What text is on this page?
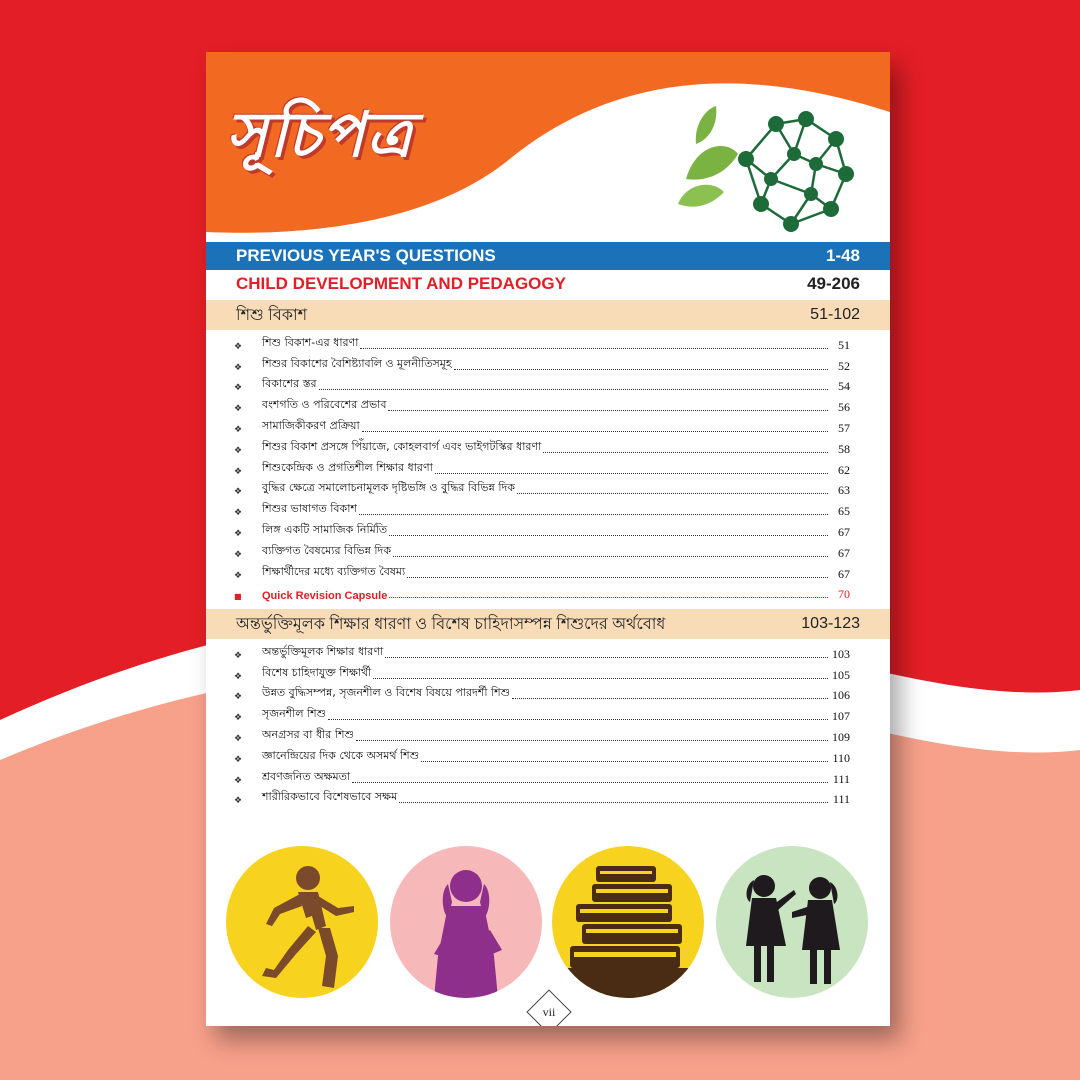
সূচিপত্র
PREVIOUS YEAR'S QUESTIONS	1-48
CHILD DEVELOPMENT AND PEDAGOGY	49-206
শিশু বিকাশ	51-102
❖	শিশু বিকাশ-এর ধারণা	51
❖	শিশুর বিকাশের বৈশিষ্ট্যাবলি ও মূলনীতিসমূহ	52
❖	বিকাশের স্তর	54
❖	বংশগতি ও পরিবেশের প্রভাব	56
❖	সামাজিকীকরণ প্রক্রিয়া	57
❖	শিশুর বিকাশ প্রসঙ্গে পিঁয়াজে, কোহলবার্গ এবং ভাইগটস্কির ধারণা	58
❖	শিশুকেন্দ্রিক ও প্রগতিশীল শিক্ষার ধারণা	62
❖	বুদ্ধির ক্ষেত্রে সমালোচনামূলক দৃষ্টিভঙ্গি ও বুদ্ধির বিভিন্ন দিক	63
❖	শিশুর ভাষাগত বিকাশ	65
❖	লিঙ্গ একটি সামাজিক নির্মিতি	67
❖	ব্যক্তিগত বৈষম্যের বিভিন্ন দিক	67
❖	শিক্ষার্থীদের মধ্যে ব্যক্তিগত বৈষম্য	67
■	Quick Revision Capsule	70
অন্তর্ভুক্তিমূলক শিক্ষার ধারণা ও বিশেষ চাহিদাসম্পন্ন শিশুদের অর্থবোধ	103-123
❖	অন্তর্ভুক্তিমূলক শিক্ষার ধারণা	103
❖	বিশেষ চাহিদাযুক্ত শিক্ষার্থী	105
❖	উন্নত বুদ্ধিসম্পন্ন, সৃজনশীল ও বিশেষ বিষয়ে পারদর্শী শিশু	106
❖	সৃজনশীল শিশু	107
❖	অনগ্রসর বা ধীর শিশু	109
❖	জ্ঞানেন্দ্রিয়ের দিক থেকে অসমর্থ শিশু	110
❖	শ্রবণজনিত অক্ষমতা	111
❖	শারীরিকভাবে বিশেষভাবে সক্ষম	111
vii
